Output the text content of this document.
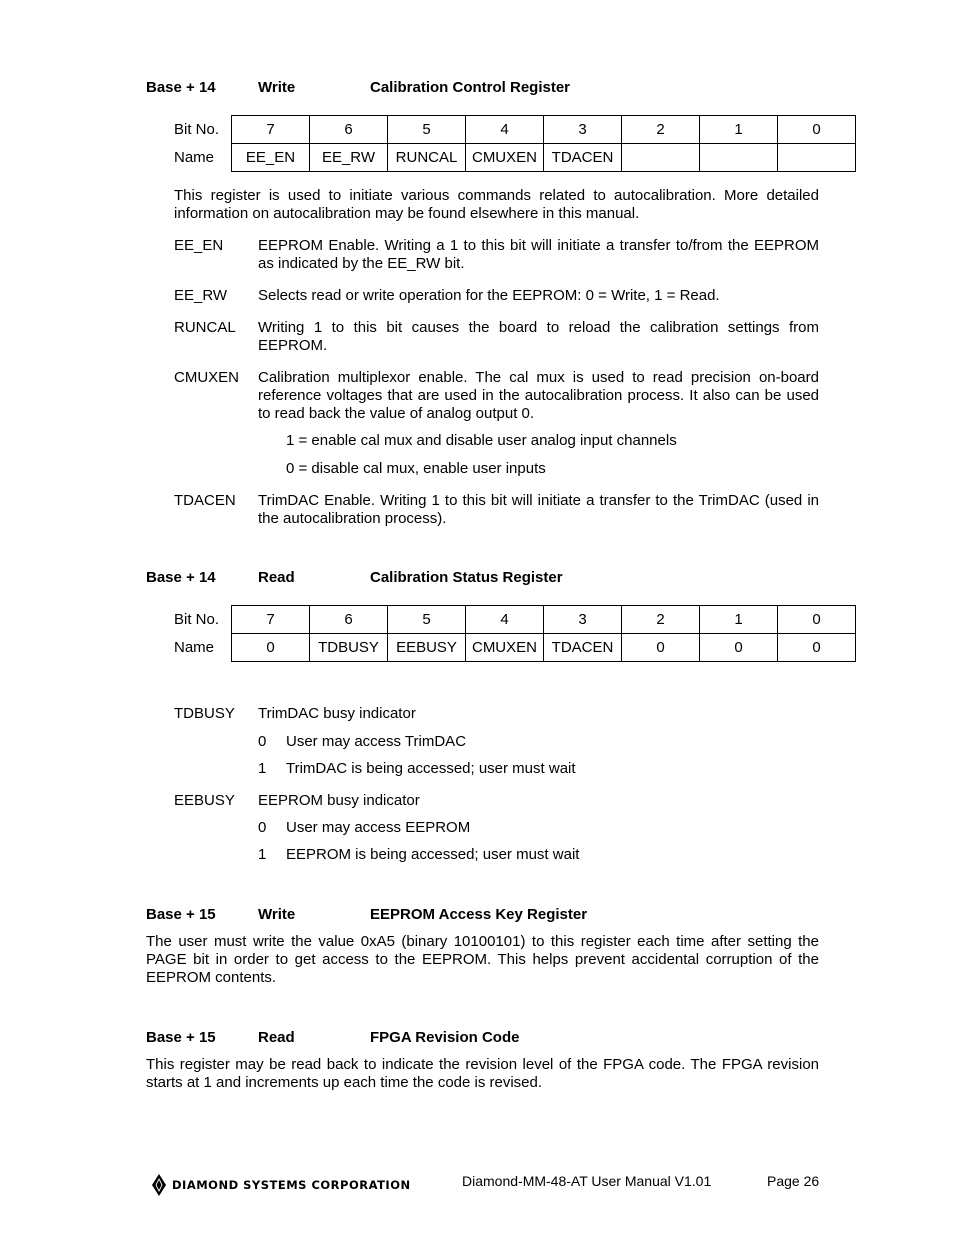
Base + 14	Write	Calibration Control Register
Bit No.	7	6	5	4	3	2	1	0
Name	EE_EN	EE_RW	RUNCAL	CMUXEN	TDACEN			
This register is used to initiate various commands related to autocalibration. More detailed information on autocalibration may be found elsewhere in this manual.
EE_EN EEPROM Enable. Writing a 1 to this bit will initiate a transfer to/from the EEPROM as indicated by the EE_RW bit.
EE_RW Selects read or write operation for the EEPROM: 0 = Write, 1 = Read.
RUNCAL Writing 1 to this bit causes the board to reload the calibration settings from EEPROM.
CMUXEN Calibration multiplexor enable. The cal mux is used to read precision on-board reference voltages that are used in the autocalibration process. It also can be used to read back the value of analog output 0.
1 = enable cal mux and disable user analog input channels
0 = disable cal mux, enable user inputs
TDACEN TrimDAC Enable. Writing 1 to this bit will initiate a transfer to the TrimDAC (used in the autocalibration process).
Base + 14	Read	Calibration Status Register
Bit No.	7	6	5	4	3	2	1	0
Name	0	TDBUSY	EEBUSY	CMUXEN	TDACEN	0	0	0
TDBUSY TrimDAC busy indicator
0 User may access TrimDAC
1 TrimDAC is being accessed; user must wait
EEBUSY EEPROM busy indicator
0 User may access EEPROM
1 EEPROM is being accessed; user must wait
Base + 15	Write	EEPROM Access Key Register
The user must write the value 0xA5 (binary 10100101) to this register each time after setting the PAGE bit in order to get access to the EEPROM. This helps prevent accidental corruption of the EEPROM contents.
Base + 15	Read	FPGA Revision Code
This register may be read back to indicate the revision level of the FPGA code. The FPGA revision starts at 1 and increments up each time the code is revised.
DIAMOND SYSTEMS CORPORATION	Diamond-MM-48-AT User Manual V1.01	Page 26
